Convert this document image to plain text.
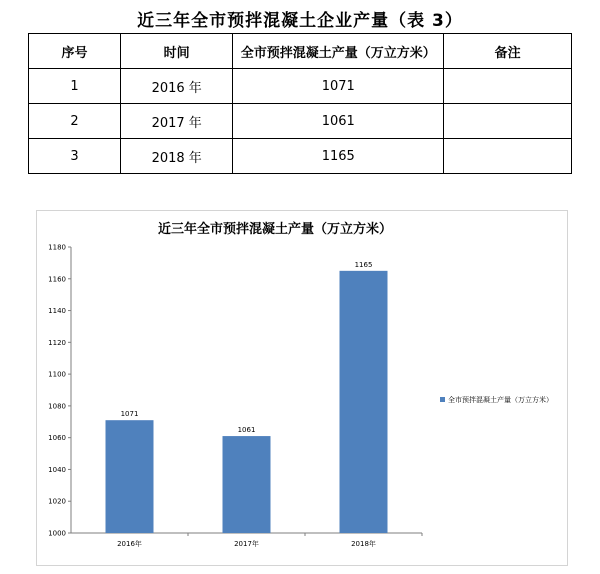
近三年全市预拌混凝土企业产量（表 3）
序号	时间	全市预拌混凝土产量（万立方米）	备注
1	2016 年	1071	
2	2017 年	1061	
3	2018 年	1165	
近三年全市预拌混凝土产量（万立方米）
1000
1020
1040
1060
1080
1100
1120
1140
1160
1180
1071
2016年
1061
2017年
1165
2018年
全市预拌混凝土产量（万立方米）
